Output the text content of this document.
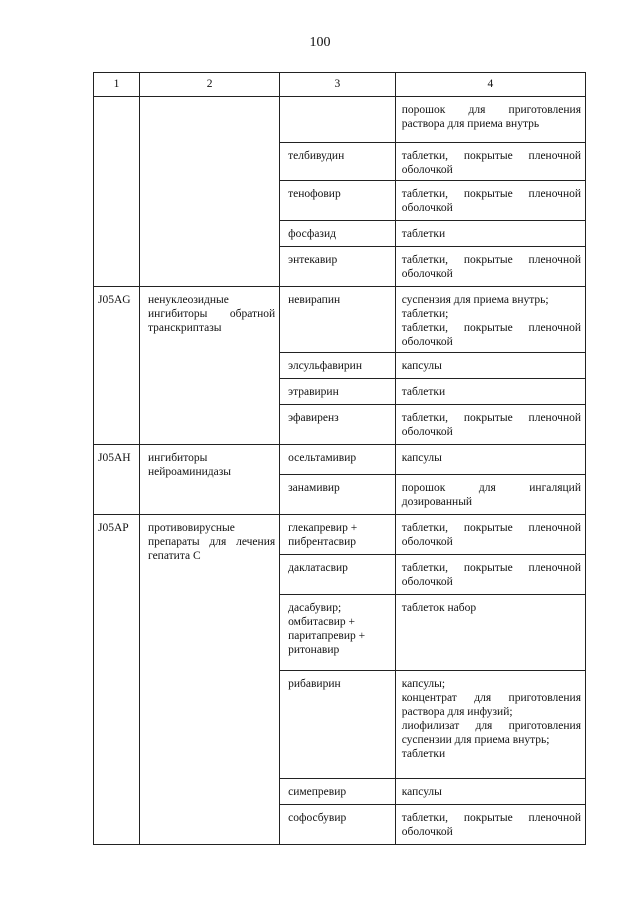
100
1	2	3	4

			порошок для приготовления раствора для приема внутрь

		телбивудин	таблетки, покрытые пленочной оболочкой

		тенофовир	таблетки, покрытые пленочной оболочкой

		фосфазид	таблетки

		энтекавир	таблетки, покрытые пленочной оболочкой

J05AG	ненуклеозидные ингибиторы обратной транскриптазы	невирапин	суспензия для приема внутрь;
таблетки;
таблетки, покрытые пленочной оболочкой

		элсульфавирин	капсулы

		этравирин	таблетки

		эфавиренз	таблетки, покрытые пленочной оболочкой

J05AH	ингибиторы нейроаминидазы	осельтамивир	капсулы

		занамивир	порошок для ингаляций дозированный

J05AP	противовирусные препараты для лечения гепатита С	глекапревир + пибрентасвир	таблетки, покрытые пленочной оболочкой

		даклатасвир	таблетки, покрытые пленочной оболочкой

		дасабувир; омбитасвир + паритапревир + ритонавир	таблеток набор

		рибавирин	капсулы;
концентрат для приготовления раствора для инфузий;
лиофилизат для приготовления суспензии для приема внутрь;
таблетки

		симепревир	капсулы

		софосбувир	таблетки, покрытые пленочной оболочкой
